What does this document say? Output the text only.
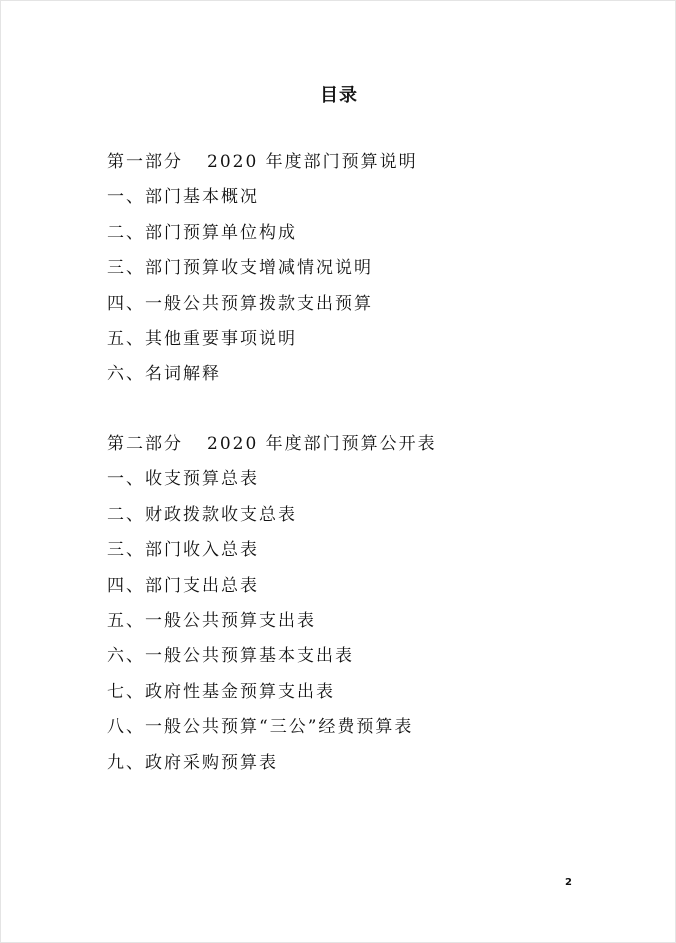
目录
第一部分 2020 年度部门预算说明
一、部门基本概况
二、部门预算单位构成
三、部门预算收支增减情况说明
四、一般公共预算拨款支出预算
五、其他重要事项说明
六、名词解释
第二部分 2020 年度部门预算公开表
一、收支预算总表
二、财政拨款收支总表
三、部门收入总表
四、部门支出总表
五、一般公共预算支出表
六、一般公共预算基本支出表
七、政府性基金预算支出表
八、一般公共预算“三公”经费预算表
九、政府采购预算表
2
